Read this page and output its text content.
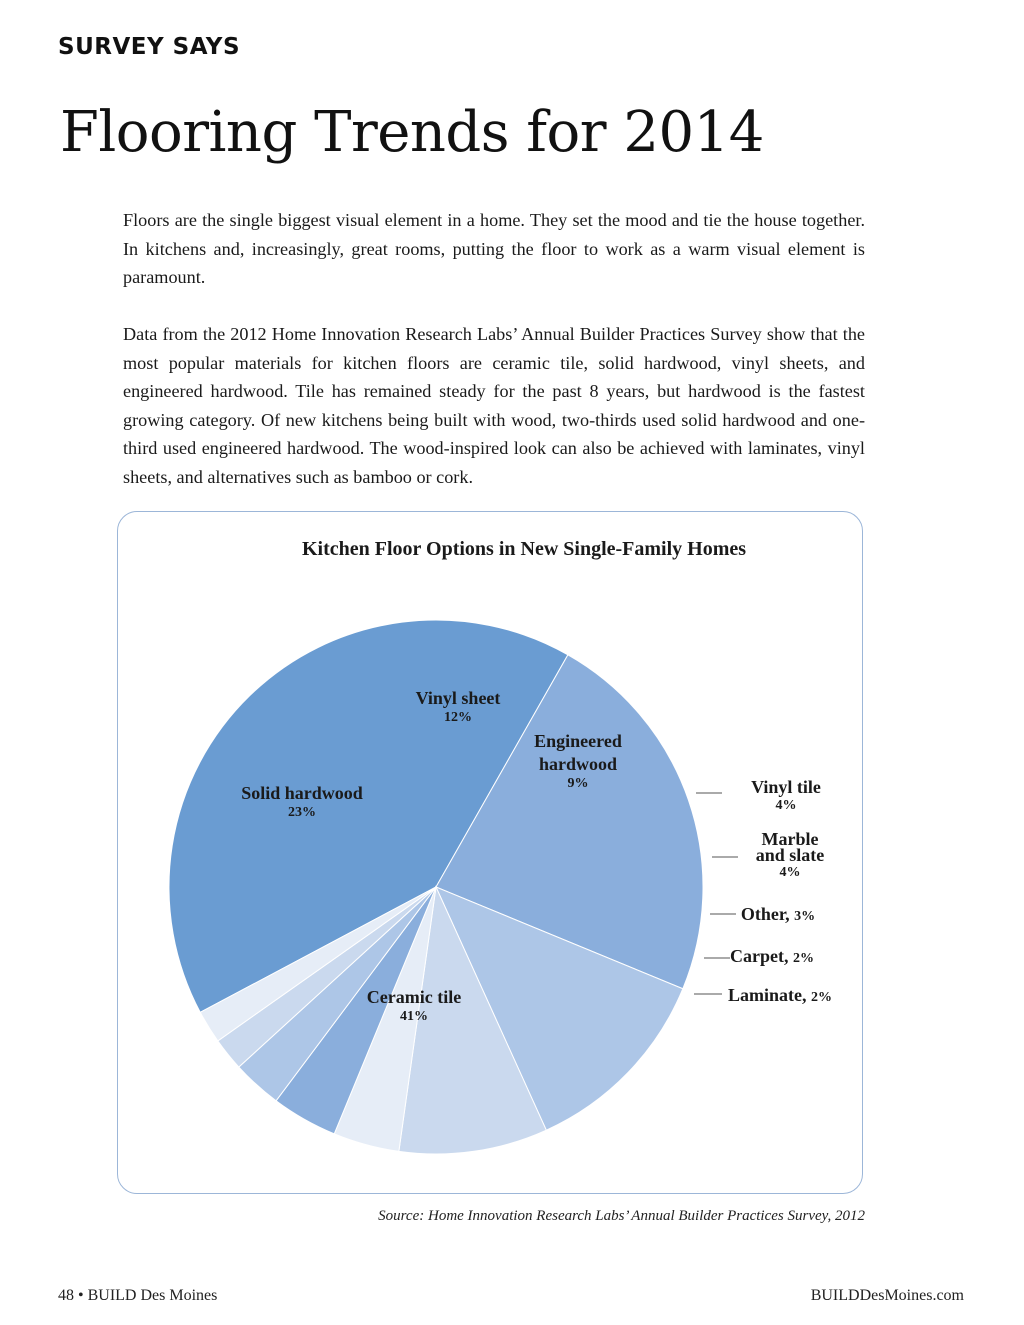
SURVEY SAYS
Flooring Trends for 2014

Floors are the single biggest visual element in a home. They set the mood and tie the house together. In kitchens and, increasingly, great rooms, putting the floor to work as a warm visual element is paramount.

Data from the 2012 Home Innovation Research Labs’ Annual Builder Practices Survey show that the most popular materials for kitchen floors are ceramic tile, solid hardwood, vinyl sheets, and engineered hardwood. Tile has remained steady for the past 8 years, but hardwood is the fastest growing category. Of new kitchens being built with wood, two-thirds used solid hardwood and one-third used engineered hardwood. The wood-inspired look can also be achieved with laminates, vinyl sheets, and alternatives such as bamboo or cork.

Kitchen Floor Options in New Single-Family Homes
Ceramic tile
41%
Solid hardwood
23%
Vinyl sheet
12%
Engineered hardwood
9%	Vinyl tile
4%
Marble and slate
4%
Other, 3%
Carpet, 2%
Laminate, 2%
Source: Home Innovation Research Labs’ Annual Builder Practices Survey, 2012
48 • BUILD Des Moines	BUILDDesMoines.com
